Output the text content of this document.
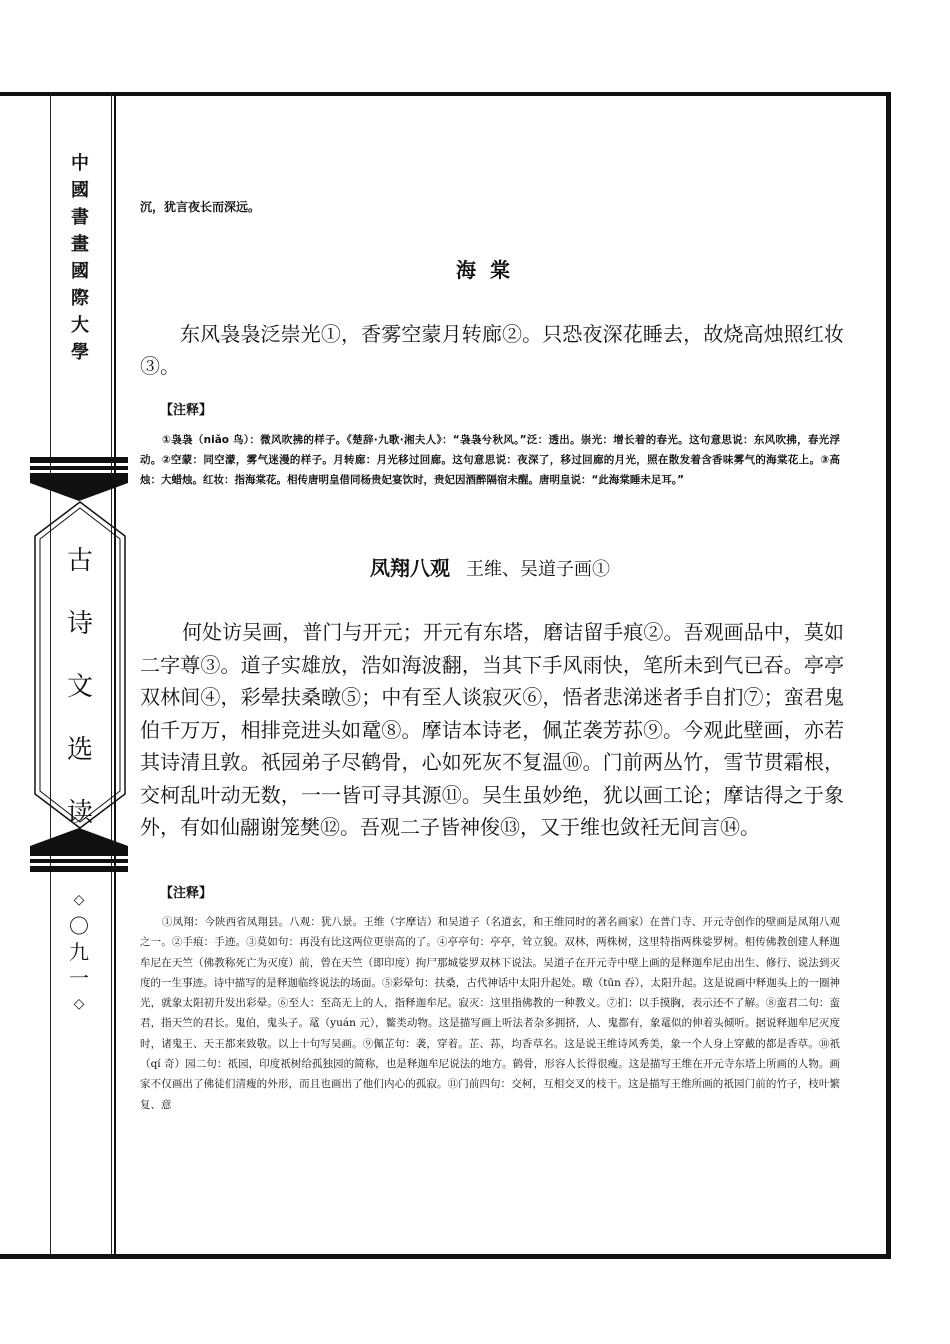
中
國
書
畫
國
際
大
學
古
诗
文
选
读
◇
〇
九
一
◇
沉，犹言夜长而深远。
海棠
东风袅袅泛崇光①，香雾空蒙月转廊②。只恐夜深花睡去，故烧高烛照红妆③。
【注释】
①袅袅（niǎo 鸟）：微风吹拂的样子。《楚辞·九歌·湘夫人》：“袅袅兮秋风。”泛：透出。崇光：增长着的春光。这句意思说：东风吹拂，春光浮动。②空蒙：同空濛，雾气迷漫的样子。月转廊：月光移过回廊。这句意思说：夜深了，移过回廊的月光，照在散发着含香味雾气的海棠花上。③高烛：大蜡烛。红妆：指海棠花。相传唐明皇借同杨贵妃宴饮时，贵妃因酒醉隔宿未醒。唐明皇说：“此海棠睡未足耳。”
凤翔八观 王维、吴道子画①
何处访吴画，普门与开元；开元有东塔，磨诘留手痕②。吾观画品中，莫如二字尊③。道子实雄放，浩如海波翻，当其下手风雨快，笔所未到气已吞。亭亭双林间④，彩晕扶桑暾⑤；中有至人谈寂灭⑥，悟者悲涕迷者手自扪⑦；蛮君鬼伯千万万，相排竞进头如鼋⑧。摩诘本诗老，佩芷袭芳荪⑨。今观此壁画，亦若其诗清且敦。祇园弟子尽鹤骨，心如死灰不复温⑩。门前两丛竹，雪节贯霜根，交柯乱叶动无数，一一皆可寻其源⑪。吴生虽妙绝，犹以画工论；摩诘得之于象外，有如仙翮谢笼樊⑫。吾观二子皆神俊⑬，又于维也敛衽无间言⑭。
【注释】
①凤翔：今陕西省凤翔县。八观：犹八景。王维（字摩诘）和吴道子（名道玄，和王维同时的著名画家）在普门寺、开元寺创作的壁画是凤翔八观之一。②手痕：手迹。③莫如句：再没有比这两位更崇高的了。④亭亭句：亭亭，耸立貌。双林，两株树，这里特指两株娑罗树。相传佛教创建人释迦牟尼在天竺（佛教称死亡为灭度）前，曾在天竺（即印度）拘尸那城娑罗双林下说法。吴道子在开元寺中壁上画的是释迦牟尼由出生、修行、说法到灭度的一生事迹。诗中描写的是释迦临终说法的场面。⑤彩晕句：扶桑，古代神话中太阳升起处。暾（tūn 吞），太阳升起。这是说画中释迦头上的一圈神光，就象太阳初升发出彩晕。⑥至人：至高无上的人，指释迦牟尼。寂灭：这里指佛教的一种教义。⑦扪：以手摸胸，表示还不了解。⑧蛮君二句：蛮君，指天竺的君长。鬼伯，鬼头子。鼋（yuán 元），鳖类动物。这是描写画上听法者杂多拥挤，人、鬼都有，象鼋似的伸着头倾听。据说释迦牟尼灭度时，诸鬼王、天王都来致敬。以上十句写吴画。⑨佩芷句：袭，穿着。芷、荪，均香草名。这是说王维诗风秀美，象一个人身上穿戴的都是香草。⑩祇（qí 奇）园二句：祇园，印度祇树给孤独园的简称，也是释迦牟尼说法的地方。鹤骨，形容人长得很瘦。这是描写王维在开元寺东塔上所画的人物。画家不仅画出了佛徒们清瘦的外形，而且也画出了他们内心的孤寂。⑪门前四句：交柯，互相交叉的枝干。这是描写王维所画的祇园门前的竹子，枝叶繁复、意
